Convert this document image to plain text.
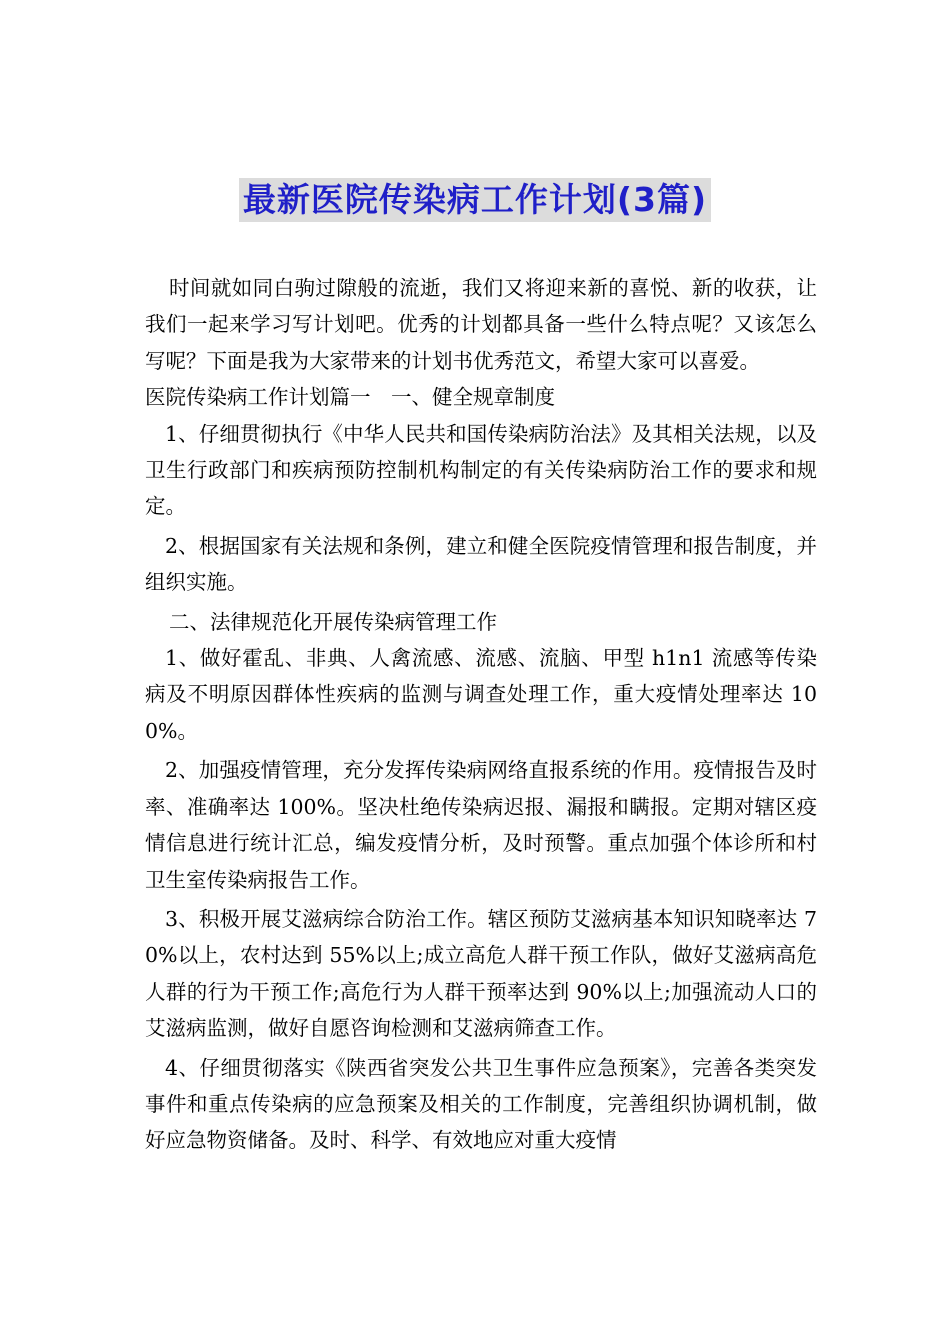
最新医院传染病工作计划(3篇)

时间就如同白驹过隙般的流逝，我们又将迎来新的喜悦、新的收获，让我们一起来学习写计划吧。优秀的计划都具备一些什么特点呢？又该怎么写呢？下面是我为大家带来的计划书优秀范文，希望大家可以喜爱。

医院传染病工作计划篇一　一、健全规章制度

1、仔细贯彻执行《中华人民共和国传染病防治法》及其相关法规，以及卫生行政部门和疾病预防控制机构制定的有关传染病防治工作的要求和规定。

2、根据国家有关法规和条例，建立和健全医院疫情管理和报告制度，并组织实施。

二、法律规范化开展传染病管理工作

1、做好霍乱、非典、人禽流感、流感、流脑、甲型 h1n1 流感等传染病及不明原因群体性疾病的监测与调查处理工作，重大疫情处理率达 100%。

2、加强疫情管理，充分发挥传染病网络直报系统的作用。疫情报告及时率、准确率达 100%。坚决杜绝传染病迟报、漏报和瞒报。定期对辖区疫情信息进行统计汇总，编发疫情分析，及时预警。重点加强个体诊所和村卫生室传染病报告工作。

3、积极开展艾滋病综合防治工作。辖区预防艾滋病基本知识知晓率达 70%以上，农村达到 55%以上;成立高危人群干预工作队，做好艾滋病高危人群的行为干预工作;高危行为人群干预率达到 90%以上;加强流动人口的艾滋病监测，做好自愿咨询检测和艾滋病筛查工作。

4、仔细贯彻落实《陕西省突发公共卫生事件应急预案》，完善各类突发事件和重点传染病的应急预案及相关的工作制度，完善组织协调机制，做好应急物资储备。及时、科学、有效地应对重大疫情
